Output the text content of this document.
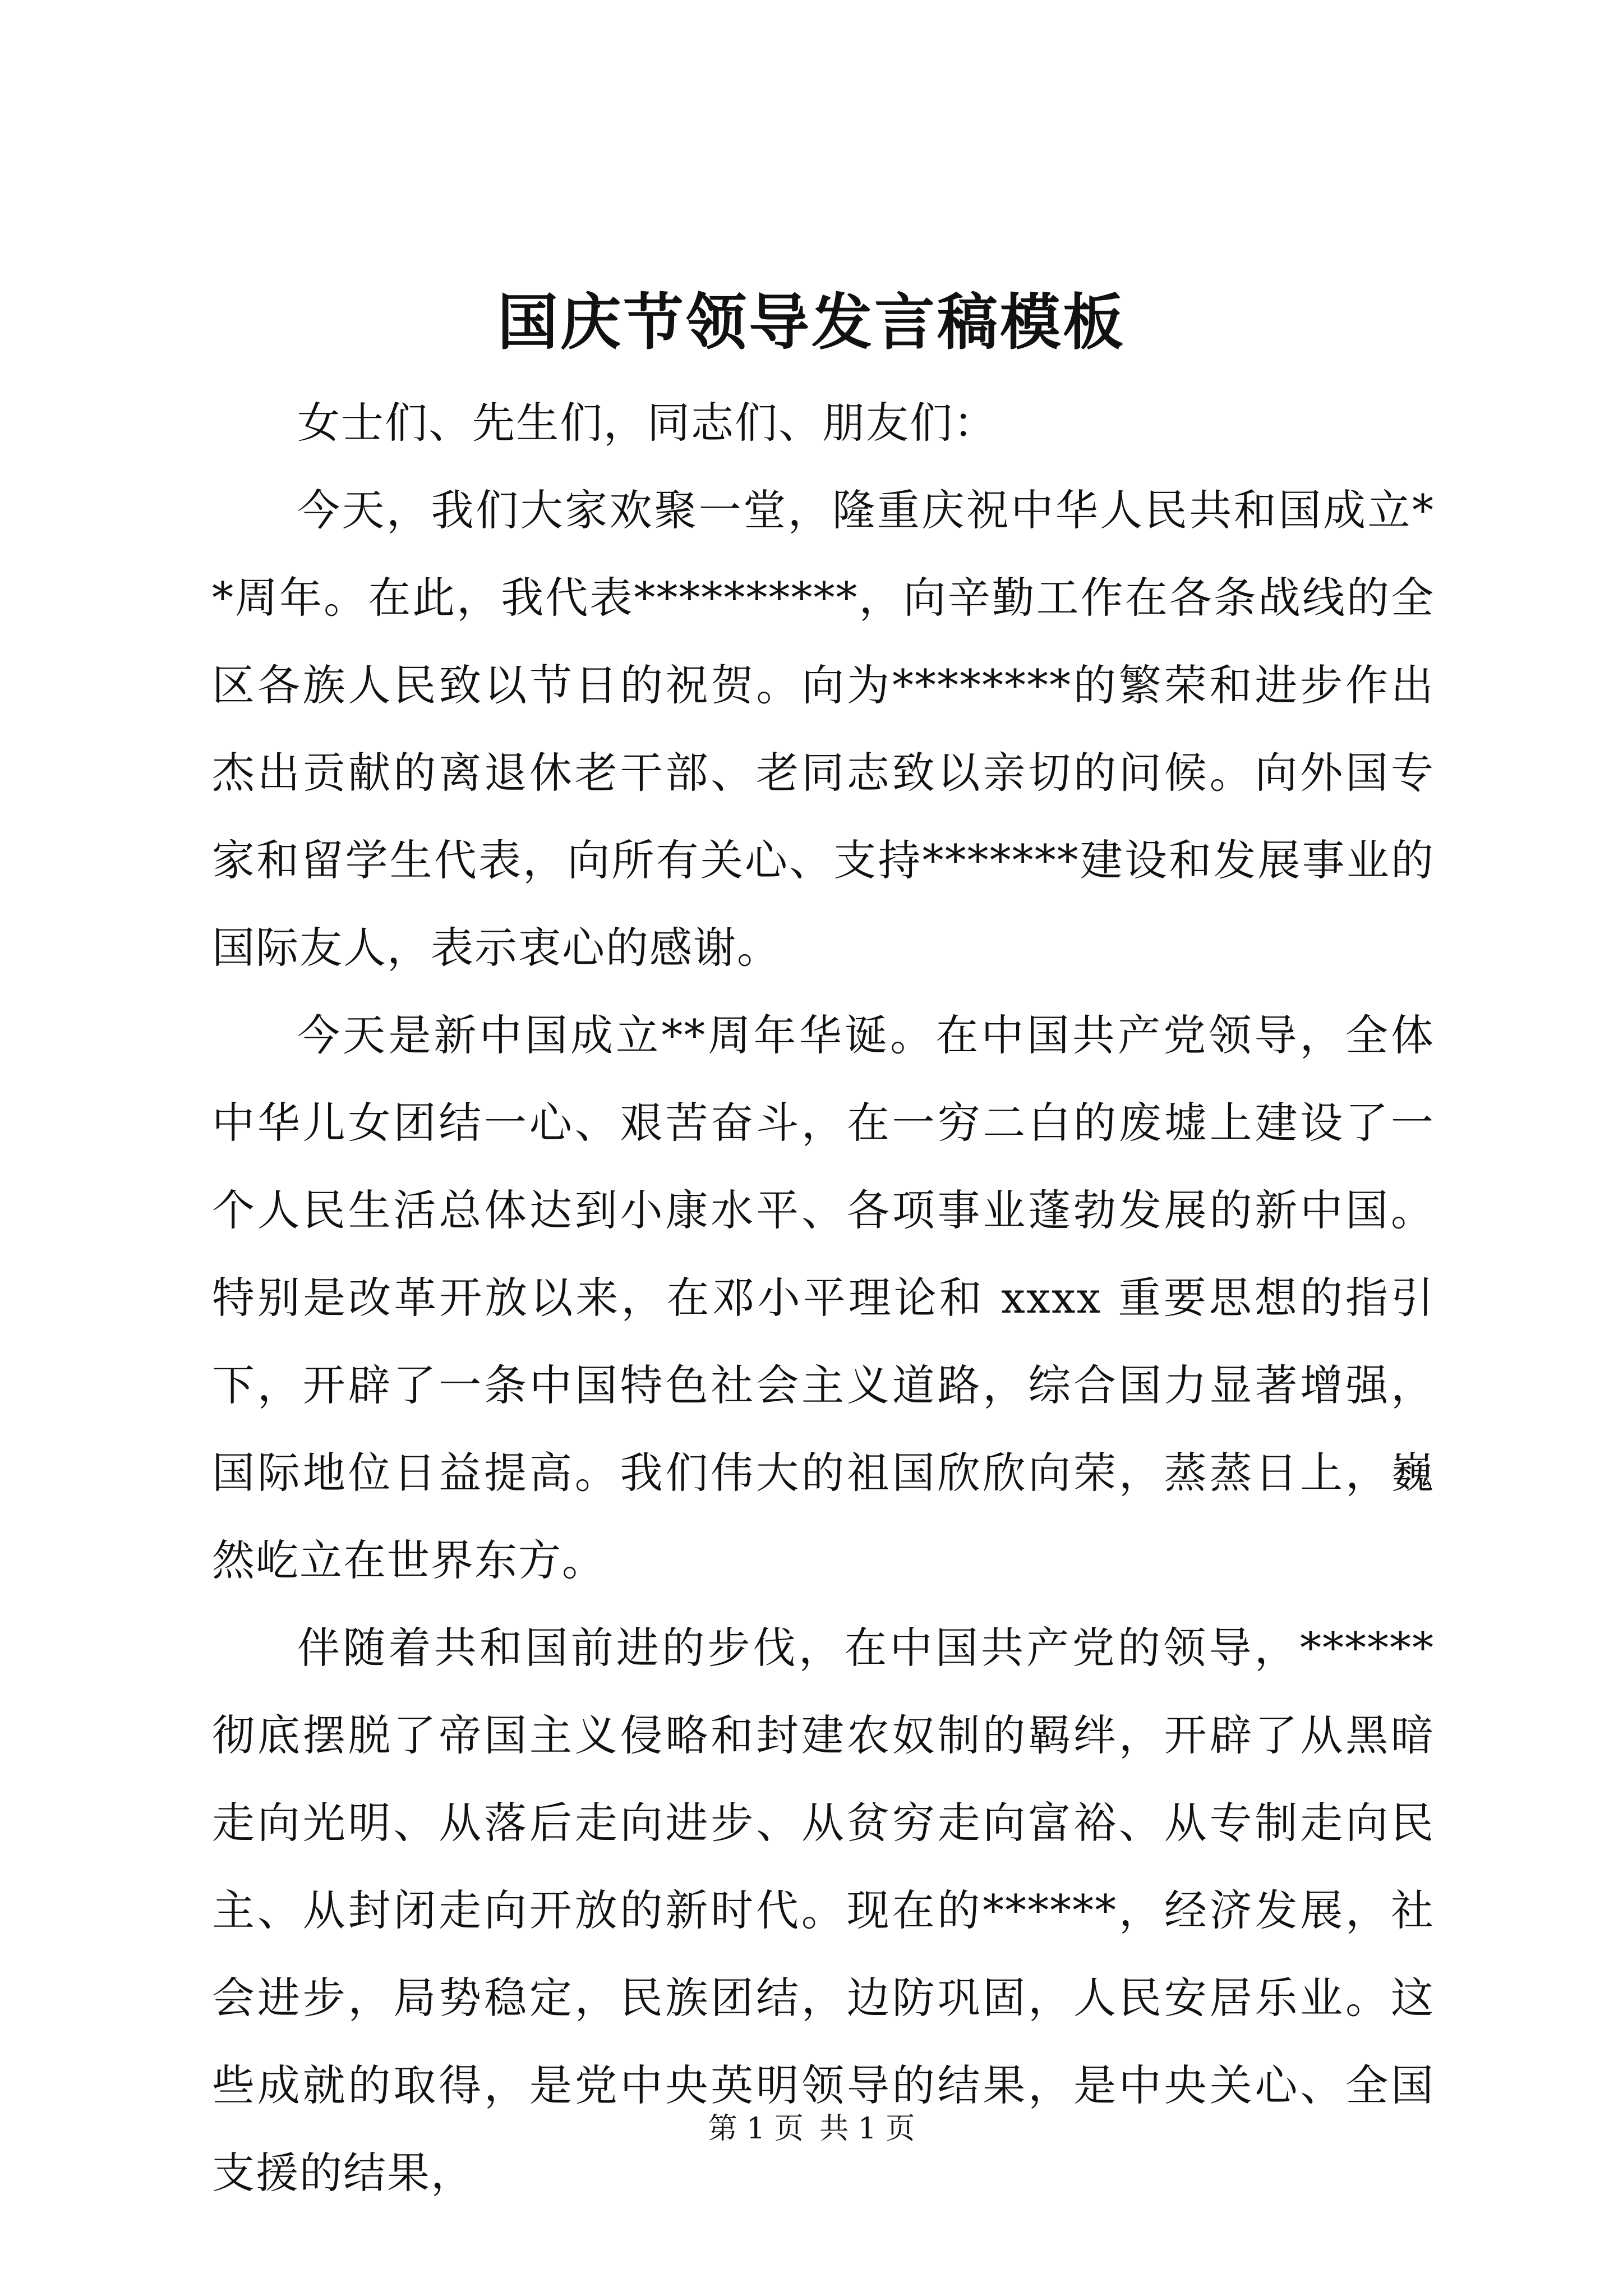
国庆节领导发言稿模板

女士们、先生们，同志们、朋友们：

今天，我们大家欢聚一堂，隆重庆祝中华人民共和国成立**周年。在此，我代表**********，向辛勤工作在各条战线的全区各族人民致以节日的祝贺。向为********的繁荣和进步作出杰出贡献的离退休老干部、老同志致以亲切的问候。向外国专家和留学生代表，向所有关心、支持*******建设和发展事业的国际友人，表示衷心的感谢。

今天是新中国成立**周年华诞。在中国共产党领导，全体中华儿女团结一心、艰苦奋斗，在一穷二白的废墟上建设了一个人民生活总体达到小康水平、各项事业蓬勃发展的新中国。特别是改革开放以来，在邓小平理论和 xxxx 重要思想的指引下，开辟了一条中国特色社会主义道路，综合国力显著增强，国际地位日益提高。我们伟大的祖国欣欣向荣，蒸蒸日上，巍然屹立在世界东方。

伴随着共和国前进的步伐，在中国共产党的领导，******彻底摆脱了帝国主义侵略和封建农奴制的羁绊，开辟了从黑暗走向光明、从落后走向进步、从贫穷走向富裕、从专制走向民主、从封闭走向开放的新时代。现在的******，经济发展，社会进步，局势稳定，民族团结，边防巩固，人民安居乐业。这些成就的取得，是党中央英明领导的结果，是中央关心、全国支援的结果，

第 1 页 共 1 页
